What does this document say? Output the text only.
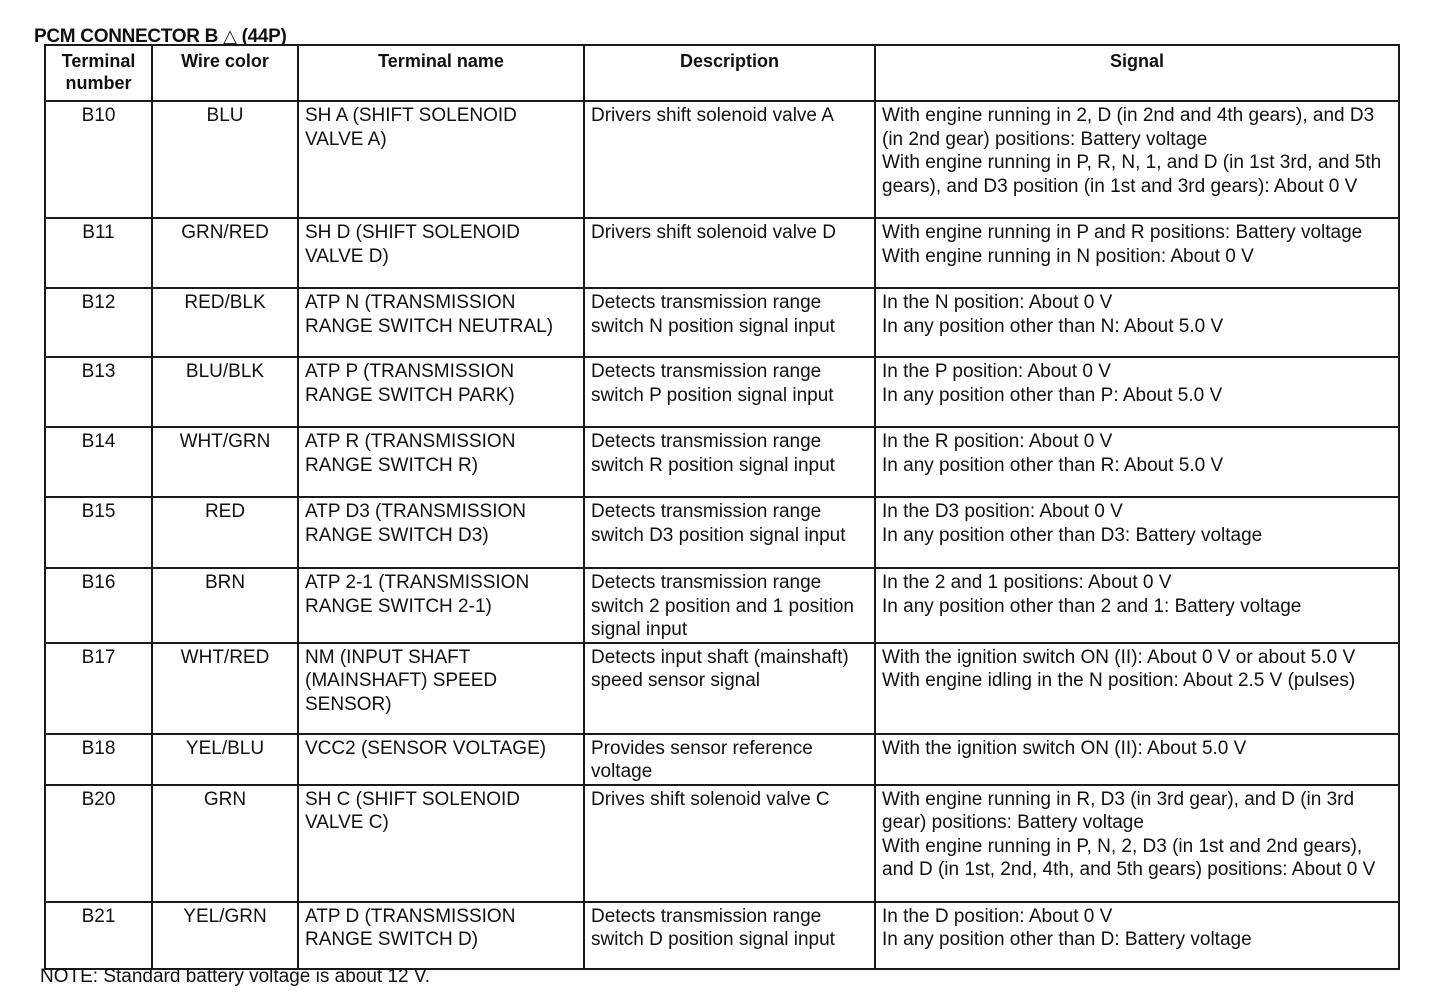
PCM CONNECTOR B △ (44P)
Terminal number	Wire color	Terminal name	Description	Signal
B10	BLU	SH A (SHIFT SOLENOID VALVE A)	Drivers shift solenoid valve A	With engine running in 2, D (in 2nd and 4th gears), and D3 (in 2nd gear) positions: Battery voltage
With engine running in P, R, N, 1, and D (in 1st 3rd, and 5th gears), and D3 position (in 1st and 3rd gears): About 0 V

B11	GRN/RED	SH D (SHIFT SOLENOID VALVE D)	Drivers shift solenoid valve D	With engine running in P and R positions: Battery voltage
With engine running in N position: About 0 V

B12	RED/BLK	ATP N (TRANSMISSION RANGE SWITCH NEUTRAL)	Detects transmission range switch N position signal input	In the N position: About 0 V
In any position other than N: About 5.0 V

B13	BLU/BLK	ATP P (TRANSMISSION RANGE SWITCH PARK)	Detects transmission range switch P position signal input	In the P position: About 0 V
In any position other than P: About 5.0 V

B14	WHT/GRN	ATP R (TRANSMISSION RANGE SWITCH R)	Detects transmission range switch R position signal input	In the R position: About 0 V
In any position other than R: About 5.0 V

B15	RED	ATP D3 (TRANSMISSION RANGE SWITCH D3)	Detects transmission range switch D3 position signal input	In the D3 position: About 0 V
In any position other than D3: Battery voltage

B16	BRN	ATP 2-1 (TRANSMISSION RANGE SWITCH 2-1)	Detects transmission range switch 2 position and 1 position signal input	In the 2 and 1 positions: About 0 V
In any position other than 2 and 1: Battery voltage

B17	WHT/RED	NM (INPUT SHAFT (MAINSHAFT) SPEED SENSOR)	Detects input shaft (mainshaft) speed sensor signal	With the ignition switch ON (II): About 0 V or about 5.0 V
With engine idling in the N position: About 2.5 V (pulses)

B18	YEL/BLU	VCC2 (SENSOR VOLTAGE)	Provides sensor reference voltage	With the ignition switch ON (II): About 5.0 V

B20	GRN	SH C (SHIFT SOLENOID VALVE C)	Drives shift solenoid valve C	With engine running in R, D3 (in 3rd gear), and D (in 3rd gear) positions: Battery voltage
With engine running in P, N, 2, D3 (in 1st and 2nd gears), and D (in 1st, 2nd, 4th, and 5th gears) positions: About 0 V

B21	YEL/GRN	ATP D (TRANSMISSION RANGE SWITCH D)	Detects transmission range switch D position signal input	In the D position: About 0 V
In any position other than D: Battery voltage
NOTE: Standard battery voltage is about 12 V.
